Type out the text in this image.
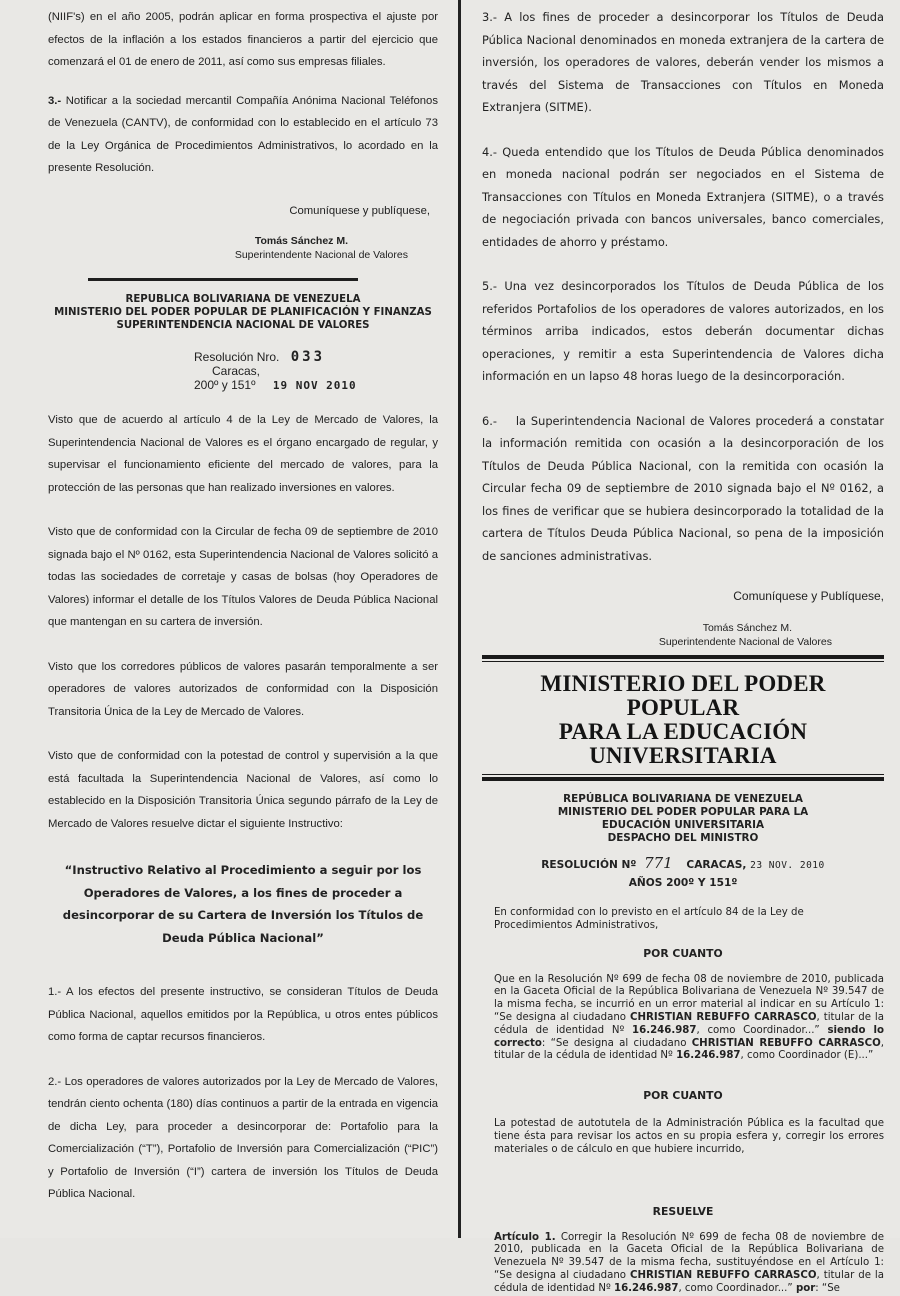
(NIIF's) en el año 2005, podrán aplicar en forma prospectiva el ajuste por efectos de la inflación a los estados financieros a partir del ejercicio que comenzará el 01 de enero de 2011, así como sus empresas filiales.

3.- Notificar a la sociedad mercantil Compañía Anónima Nacional Teléfonos de Venezuela (CANTV), de conformidad con lo establecido en el artículo 73 de la Ley Orgánica de Procedimientos Administrativos, lo acordado en la presente Resolución.

Comuníquese y publíquese,

Tomás Sánchez M.
Superintendente Nacional de Valores
REPUBLICA BOLIVARIANA DE VENEZUELA
MINISTERIO DEL PODER POPULAR DE PLANIFICACIÓN Y FINANZAS
SUPERINTENDENCIA NACIONAL DE VALORES
Resolución Nro. 033
Caracas,
200º y 151º 19 NOV 2010

Visto que de acuerdo al artículo 4 de la Ley de Mercado de Valores, la Superintendencia Nacional de Valores es el órgano encargado de regular, y supervisar el funcionamiento eficiente del mercado de valores, para la protección de las personas que han realizado inversiones en valores.

Visto que de conformidad con la Circular de fecha 09 de septiembre de 2010 signada bajo el Nº 0162, esta Superintendencia Nacional de Valores solicitó a todas las sociedades de corretaje y casas de bolsas (hoy Operadores de Valores) informar el detalle de los Títulos Valores de Deuda Pública Nacional que mantengan en su cartera de inversión.

Visto que los corredores públicos de valores pasarán temporalmente a ser operadores de valores autorizados de conformidad con la Disposición Transitoria Única de la Ley de Mercado de Valores.

Visto que de conformidad con la potestad de control y supervisión a la que está facultada la Superintendencia Nacional de Valores, así como lo establecido en la Disposición Transitoria Única segundo párrafo de la Ley de Mercado de Valores resuelve dictar el siguiente Instructivo:

“Instructivo Relativo al Procedimiento a seguir por los Operadores de Valores, a los fines de proceder a desincorporar de su Cartera de Inversión los Títulos de Deuda Pública Nacional”

1.- A los efectos del presente instructivo, se consideran Títulos de Deuda Pública Nacional, aquellos emitidos por la República, u otros entes públicos como forma de captar recursos financieros.

2.- Los operadores de valores autorizados por la Ley de Mercado de Valores, tendrán ciento ochenta (180) días continuos a partir de la entrada en vigencia de dicha Ley, para proceder a desincorporar de: Portafolio para la Comercialización (“T”), Portafolio de Inversión para Comercialización (“PIC”) y Portafolio de Inversión (“I”) cartera de inversión los Títulos de Deuda Pública Nacional.

3.- A los fines de proceder a desincorporar los Títulos de Deuda Pública Nacional denominados en moneda extranjera de la cartera de inversión, los operadores de valores, deberán vender los mismos a través del Sistema de Transacciones con Títulos en Moneda Extranjera (SITME).

4.- Queda entendido que los Títulos de Deuda Pública denominados en moneda nacional podrán ser negociados en el Sistema de Transacciones con Títulos en Moneda Extranjera (SITME), o a través de negociación privada con bancos universales, banco comerciales, entidades de ahorro y préstamo.

5.- Una vez desincorporados los Títulos de Deuda Pública de los referidos Portafolios de los operadores de valores autorizados, en los términos arriba indicados, estos deberán documentar dichas operaciones, y remitir a esta Superintendencia de Valores dicha información en un lapso 48 horas luego de la desincorporación.

6.- la Superintendencia Nacional de Valores procederá a constatar la información remitida con ocasión a la desincorporación de los Títulos de Deuda Pública Nacional, con la remitida con ocasión la Circular fecha 09 de septiembre de 2010 signada bajo el Nº 0162, a los fines de verificar que se hubiera desincorporado la totalidad de la cartera de Títulos Deuda Pública Nacional, so pena de la imposición de sanciones administrativas.

Comuníquese y Publíquese,

Tomás Sánchez M.
Superintendente Nacional de Valores
MINISTERIO DEL PODER POPULAR
PARA LA EDUCACIÓN UNIVERSITARIA
REPÚBLICA BOLIVARIANA DE VENEZUELA
MINISTERIO DEL PODER POPULAR PARA LA
EDUCACIÓN UNIVERSITARIA
DESPACHO DEL MINISTRO
RESOLUCIÓN Nº 771 CARACAS, 23 NOV. 2010
AÑOS 200º Y 151º

En conformidad con lo previsto en el artículo 84 de la Ley de Procedimientos Administrativos,

POR CUANTO

Que en la Resolución Nº 699 de fecha 08 de noviembre de 2010, publicada en la Gaceta Oficial de la República Bolivariana de Venezuela Nº 39.547 de la misma fecha, se incurrió en un error material al indicar en su Artículo 1: “Se designa al ciudadano CHRISTIAN REBUFFO CARRASCO, titular de la cédula de identidad Nº 16.246.987, como Coordinador...” siendo lo correcto: “Se designa al ciudadano CHRISTIAN REBUFFO CARRASCO, titular de la cédula de identidad Nº 16.246.987, como Coordinador (E)...”

POR CUANTO

La potestad de autotutela de la Administración Pública es la facultad que tiene ésta para revisar los actos en su propia esfera y, corregir los errores materiales o de cálculo en que hubiere incurrido,

RESUELVE

Artículo 1. Corregir la Resolución Nº 699 de fecha 08 de noviembre de 2010, publicada en la Gaceta Oficial de la República Bolivariana de Venezuela Nº 39.547 de la misma fecha, sustituyéndose en el Artículo 1: “Se designa al ciudadano CHRISTIAN REBUFFO CARRASCO, titular de la cédula de identidad Nº 16.246.987, como Coordinador...” por: “Se
